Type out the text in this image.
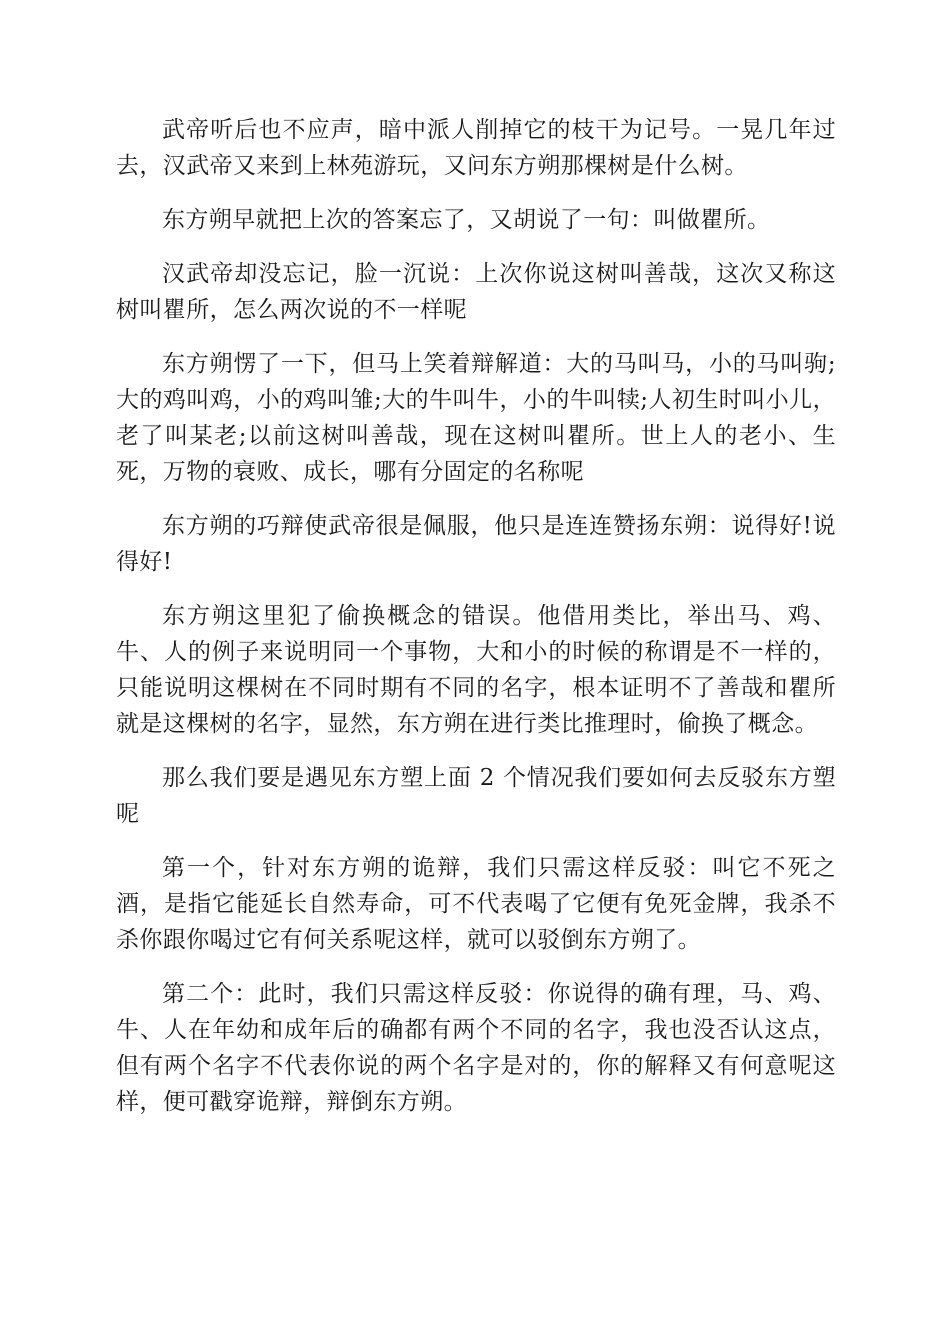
武帝听后也不应声，暗中派人削掉它的枝干为记号。一晃几年过去，汉武帝又来到上林苑游玩，又问东方朔那棵树是什么树。

东方朔早就把上次的答案忘了，又胡说了一句：叫做瞿所。

汉武帝却没忘记，脸一沉说：上次你说这树叫善哉，这次又称这树叫瞿所，怎么两次说的不一样呢

东方朔愣了一下，但马上笑着辩解道：大的马叫马，小的马叫驹;大的鸡叫鸡，小的鸡叫雏;大的牛叫牛，小的牛叫犊;人初生时叫小儿，老了叫某老;以前这树叫善哉，现在这树叫瞿所。世上人的老小、生死，万物的衰败、成长，哪有分固定的名称呢

东方朔的巧辩使武帝很是佩服，他只是连连赞扬东朔：说得好!说得好!

东方朔这里犯了偷换概念的错误。他借用类比，举出马、鸡、牛、人的例子来说明同一个事物，大和小的时候的称谓是不一样的，只能说明这棵树在不同时期有不同的名字，根本证明不了善哉和瞿所就是这棵树的名字，显然，东方朔在进行类比推理时，偷换了概念。

那么我们要是遇见东方塑上面 2 个情况我们要如何去反驳东方塑呢

第一个，针对东方朔的诡辩，我们只需这样反驳：叫它不死之酒，是指它能延长自然寿命，可不代表喝了它便有免死金牌，我杀不杀你跟你喝过它有何关系呢这样，就可以驳倒东方朔了。

第二个：此时，我们只需这样反驳：你说得的确有理，马、鸡、牛、人在年幼和成年后的确都有两个不同的名字，我也没否认这点，但有两个名字不代表你说的两个名字是对的，你的解释又有何意呢这样，便可戳穿诡辩，辩倒东方朔。
